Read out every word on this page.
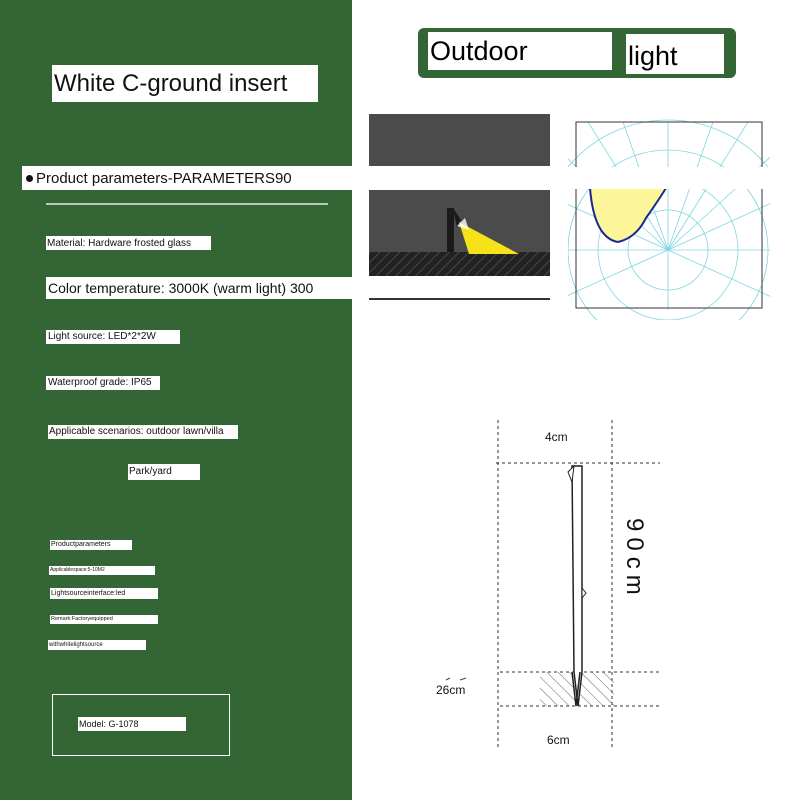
White C-ground insert
Product parameters-PARAMETERS90
Material: Hardware frosted glass
Color temperature: 3000K (warm light) 300
Light source: LED*2*2W
Waterproof grade: IP65
Applicable scenarios: outdoor lawn/villa
Park/yard
Productparameters
Applicablespace:5-10M2
Lightsourceinterface:led
Remark:Factoryequipped
withwhitelightsource
Model: G-1078
Outdoor	light
4cm
90cm
26cm
6cm
